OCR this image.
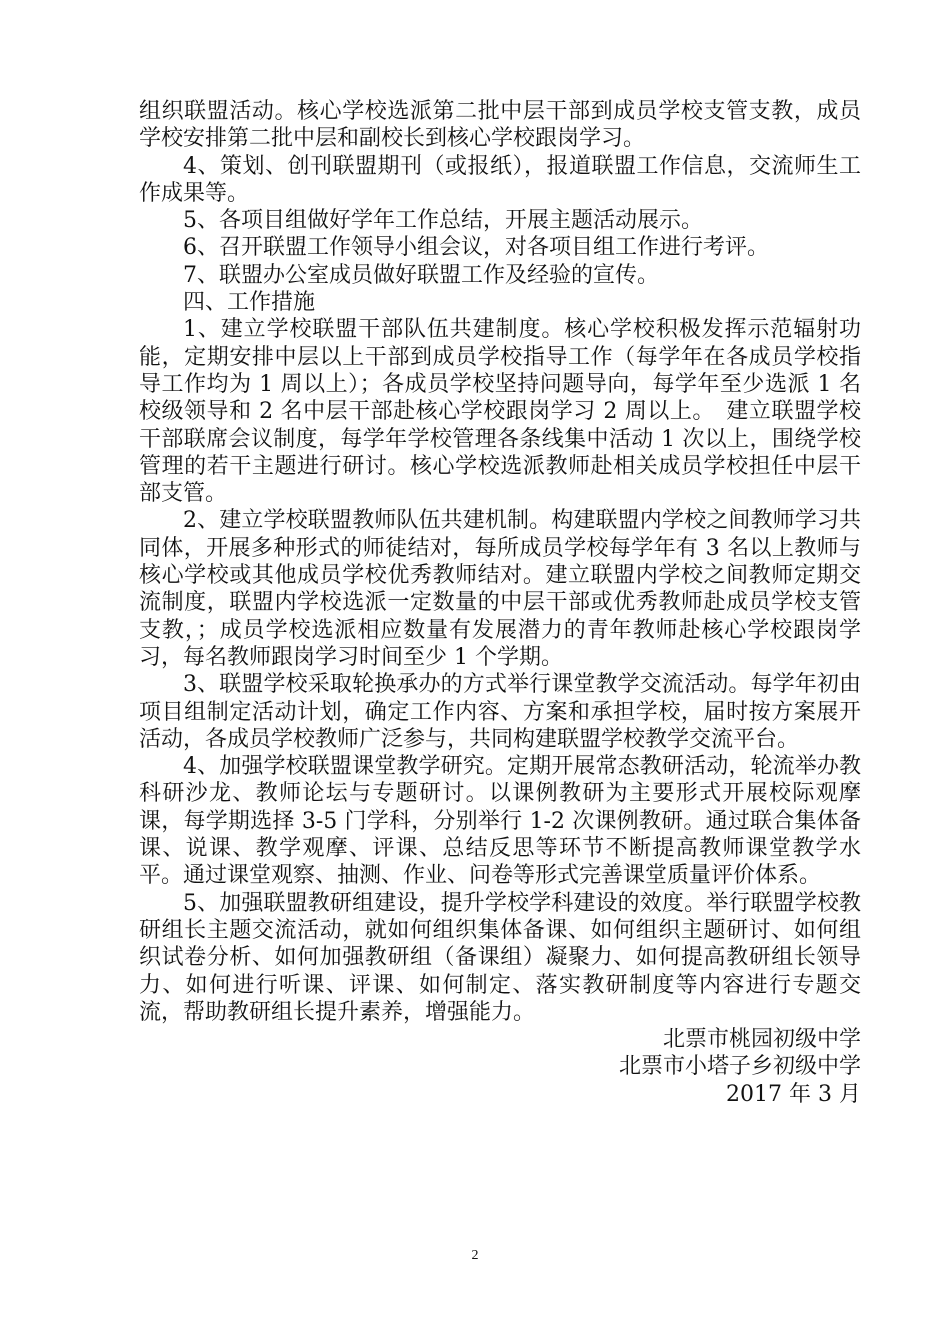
组织联盟活动。核心学校选派第二批中层干部到成员学校支管支教，成员学校安排第二批中层和副校长到核心学校跟岗学习。

4、策划、创刊联盟期刊（或报纸），报道联盟工作信息，交流师生工作成果等。

5、各项目组做好学年工作总结，开展主题活动展示。

6、召开联盟工作领导小组会议，对各项目组工作进行考评。

7、联盟办公室成员做好联盟工作及经验的宣传。

四、工作措施

1、建立学校联盟干部队伍共建制度。核心学校积极发挥示范辐射功能，定期安排中层以上干部到成员学校指导工作（每学年在各成员学校指导工作均为 1 周以上）；各成员学校坚持问题导向，每学年至少选派 1 名校级领导和 2 名中层干部赴核心学校跟岗学习 2 周以上。　建立联盟学校干部联席会议制度，每学年学校管理各条线集中活动 1 次以上，围绕学校管理的若干主题进行研讨。核心学校选派教师赴相关成员学校担任中层干部支管。

2、建立学校联盟教师队伍共建机制。构建联盟内学校之间教师学习共同体，开展多种形式的师徒结对，每所成员学校每学年有 3 名以上教师与核心学校或其他成员学校优秀教师结对。建立联盟内学校之间教师定期交流制度，联盟内学校选派一定数量的中层干部或优秀教师赴成员学校支管支教，；成员学校选派相应数量有发展潜力的青年教师赴核心学校跟岗学习，每名教师跟岗学习时间至少 1 个学期。

3、联盟学校采取轮换承办的方式举行课堂教学交流活动。每学年初由项目组制定活动计划，确定工作内容、方案和承担学校，届时按方案展开活动，各成员学校教师广泛参与，共同构建联盟学校教学交流平台。

4、加强学校联盟课堂教学研究。定期开展常态教研活动，轮流举办教科研沙龙、教师论坛与专题研讨。以课例教研为主要形式开展校际观摩课，每学期选择 3-5 门学科，分别举行 1-2 次课例教研。通过联合集体备课、说课、教学观摩、评课、总结反思等环节不断提高教师课堂教学水平。通过课堂观察、抽测、作业、问卷等形式完善课堂质量评价体系。

5、加强联盟教研组建设，提升学校学科建设的效度。举行联盟学校教研组长主题交流活动，就如何组织集体备课、如何组织主题研讨、如何组织试卷分析、如何加强教研组（备课组）凝聚力、如何提高教研组长领导力、如何进行听课、评课、如何制定、落实教研制度等内容进行专题交流，帮助教研组长提升素养，增强能力。

北票市桃园初级中学

北票市小塔子乡初级中学

2017 年 3 月

2
